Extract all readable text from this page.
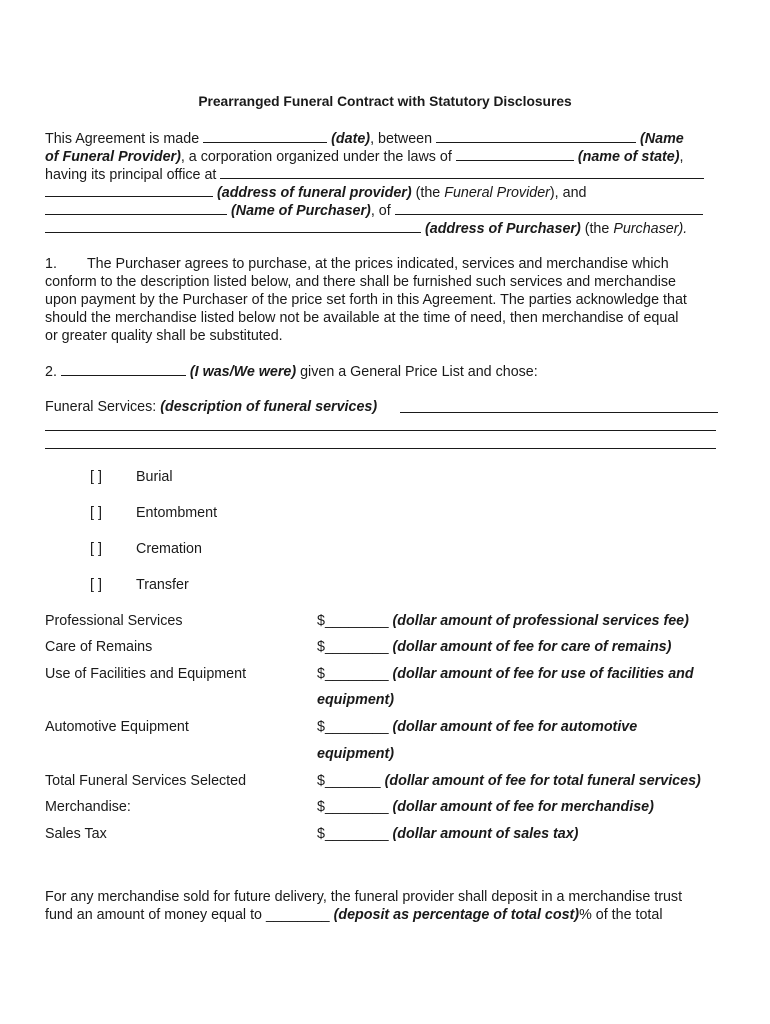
Prearranged Funeral Contract with Statutory Disclosures
This Agreement is made	(date), between	(Name
of Funeral Provider), a corporation organized under the laws of	(name of state),
having its principal office at
(address of funeral provider) (the Funeral Provider), and
(Name of Purchaser), of
(address of Purchaser) (the Purchaser).
1. The Purchaser agrees to purchase, at the prices indicated, services and merchandise which
conform to the description listed below, and there shall be furnished such services and merchandise
upon payment by the Purchaser of the price set forth in this Agreement. The parties acknowledge that
should the merchandise listed below not be available at the time of need, then merchandise of equal
or greater quality shall be substituted.
2.	(I was/We were) given a General Price List and chose:
Funeral Services: (description of funeral services)
[ ] Burial
[ ] Entombment
[ ] Cremation
[ ] Transfer
Professional Services	$________ (dollar amount of professional services fee)
Care of Remains	$________ (dollar amount of fee for care of remains)
Use of Facilities and Equipment	$________ (dollar amount of fee for use of facilities and
equipment)
Automotive Equipment	$________ (dollar amount of fee for automotive
equipment)
Total Funeral Services Selected	$_______ (dollar amount of fee for total funeral services)
Merchandise:	$________ (dollar amount of fee for merchandise)
Sales Tax	$________ (dollar amount of sales tax)
For any merchandise sold for future delivery, the funeral provider shall deposit in a merchandise trust
fund an amount of money equal to ________ (deposit as percentage of total cost)% of the total
